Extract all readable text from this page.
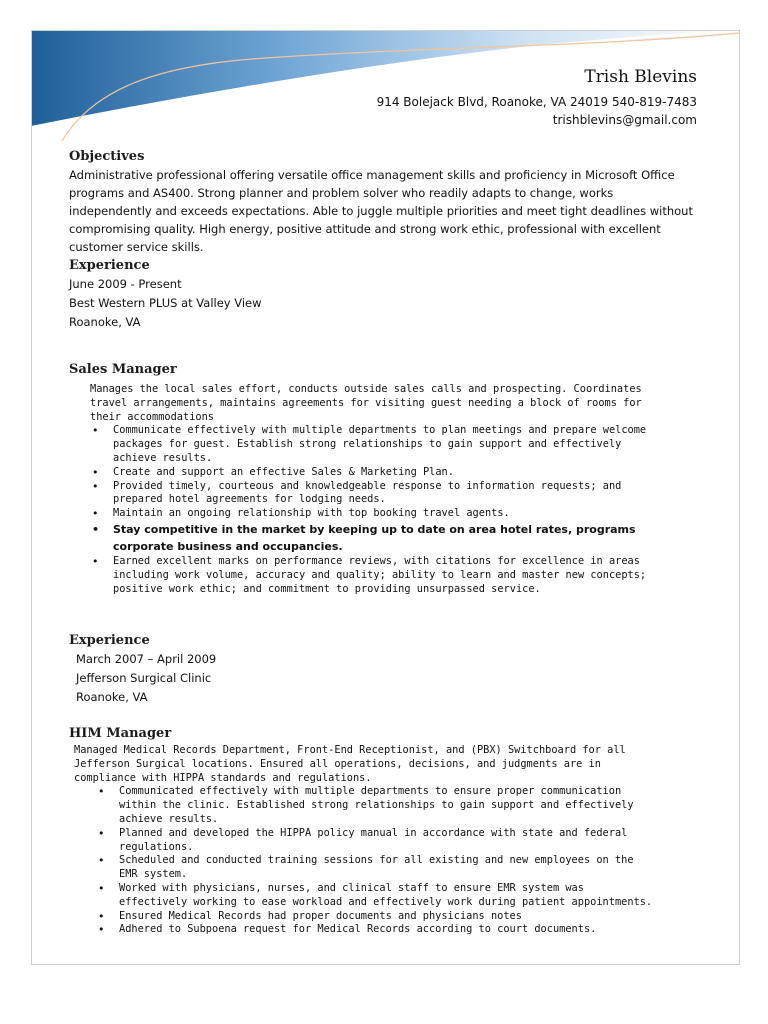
Trish Blevins
914 Bolejack Blvd, Roanoke, VA 24019 540-819-7483
trishblevins@gmail.com
Objectives

Administrative professional offering versatile office management skills and proficiency in Microsoft Office programs and AS400. Strong planner and problem solver who readily adapts to change, works independently and exceeds expectations. Able to juggle multiple priorities and meet tight deadlines without compromising quality. High energy, positive attitude and strong work ethic, professional with excellent customer service skills.

Experience

June 2009 - Present

Best Western PLUS at Valley View

Roanoke, VA

Sales Manager
Manages the local sales effort, conducts outside sales calls and prospecting. Coordinates travel arrangements, maintains agreements for visiting guest needing a block of rooms for their accommodations
• Communicate effectively with multiple departments to plan meetings and prepare welcome packages for guest. Establish strong relationships to gain support and effectively achieve results.
• Create and support an effective Sales & Marketing Plan.
• Provided timely, courteous and knowledgeable response to information requests; and prepared hotel agreements for lodging needs.
• Maintain an ongoing relationship with top booking travel agents.
• Stay competitive in the market by keeping up to date on area hotel rates, programs corporate business and occupancies.
• Earned excellent marks on performance reviews, with citations for excellence in areas including work volume, accuracy and quality; ability to learn and master new concepts; positive work ethic; and commitment to providing unsurpassed service.
Experience

March 2007 – April 2009

Jefferson Surgical Clinic

Roanoke, VA

HIM Manager
Managed Medical Records Department, Front-End Receptionist, and (PBX) Switchboard for all Jefferson Surgical locations. Ensured all operations, decisions, and judgments are in compliance with HIPPA standards and regulations.
• Communicated effectively with multiple departments to ensure proper communication within the clinic. Established strong relationships to gain support and effectively achieve results.
• Planned and developed the HIPPA policy manual in accordance with state and federal regulations.
• Scheduled and conducted training sessions for all existing and new employees on the EMR system.
• Worked with physicians, nurses, and clinical staff to ensure EMR system was effectively working to ease workload and effectively work during patient appointments.
• Ensured Medical Records had proper documents and physicians notes
• Adhered to Subpoena request for Medical Records according to court documents.
